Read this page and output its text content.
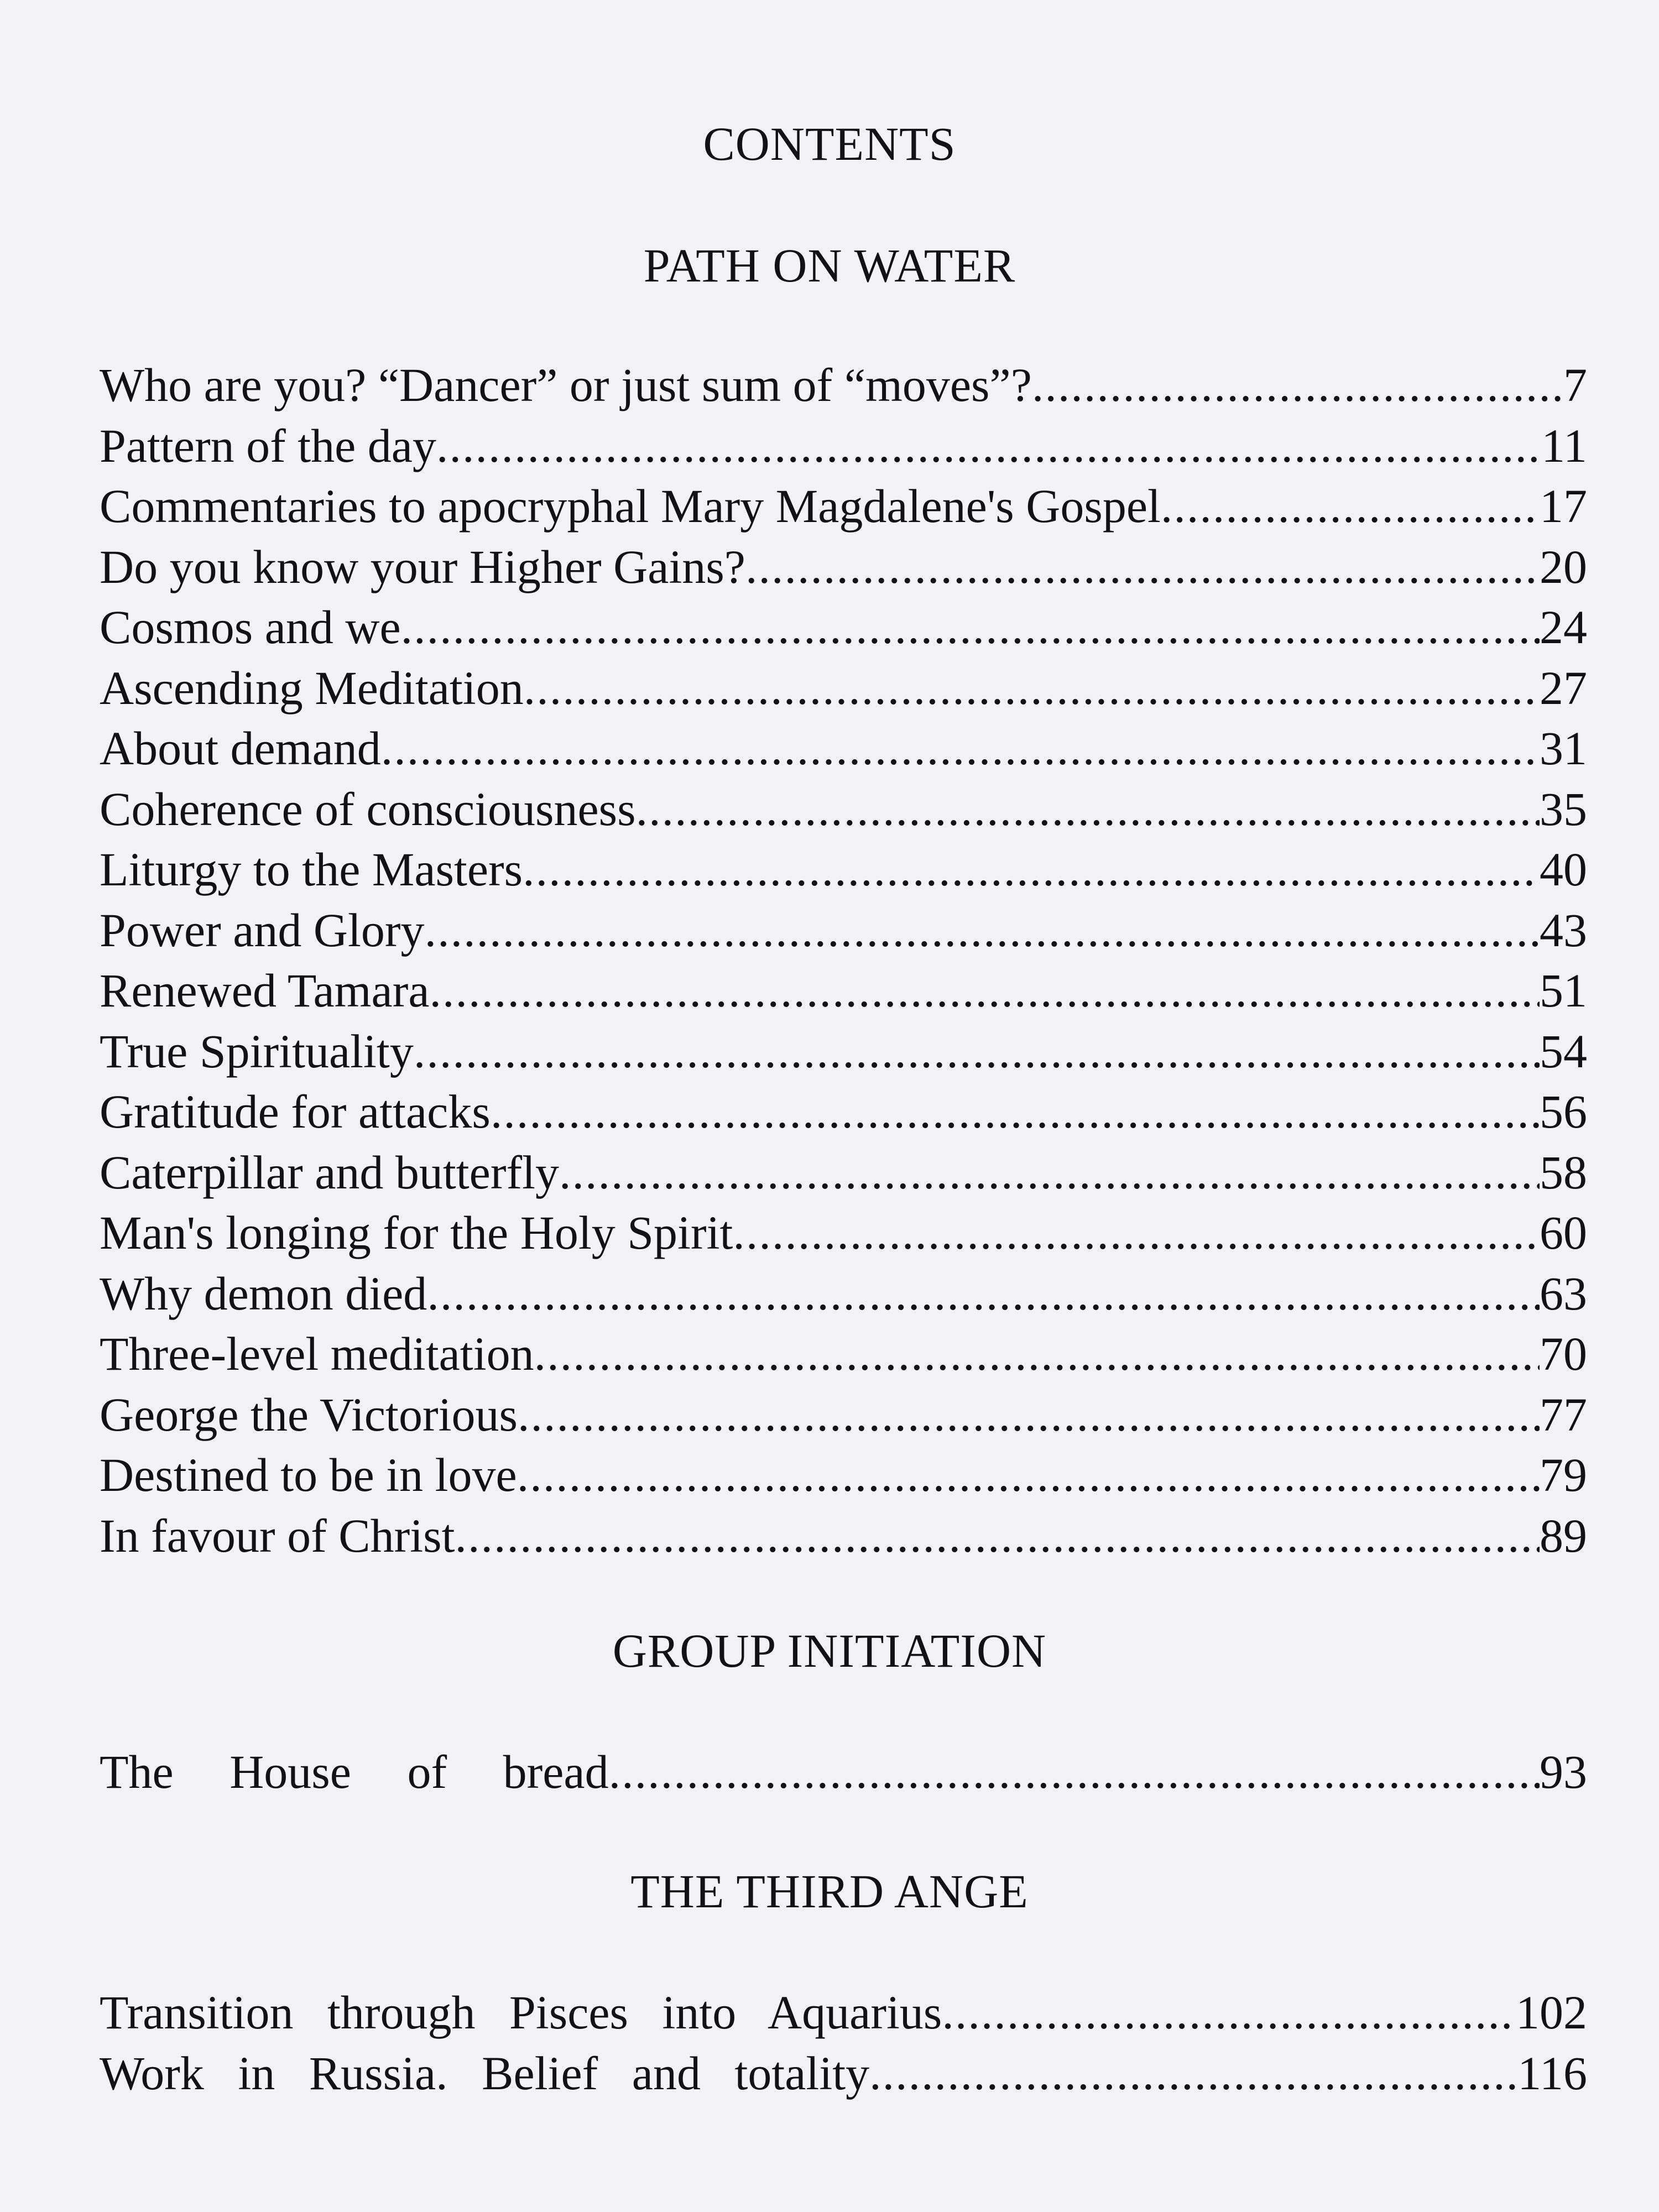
CONTENTS
PATH ON WATER
Who are you? “Dancer” or just sum of “moves”? .....	7
Pattern of the day .....	11
Commentaries to apocryphal Mary Magdalene's Gospel .....	17
Do you know your Higher Gains? .....	20
Cosmos and we .....	24
Ascending Meditation .....	27
About demand .....	31
Coherence of consciousness .....	35
Liturgy to the Masters .....	40
Power and Glory .....	43
Renewed Tamara .....	51
True Spirituality .....	54
Gratitude for attacks .....	56
Caterpillar and butterfly .....	58
Man's longing for the Holy Spirit .....	60
Why demon died .....	63
Three-level meditation .....	70
George the Victorious .....	77
Destined to be in love .....	79
In favour of Christ .....	89
GROUP INITIATION
The House of bread .....	93
THE THIRD ANGE
Transition through Pisces into Aquarius .....	102
Work in Russia. Belief and totality .....	116
